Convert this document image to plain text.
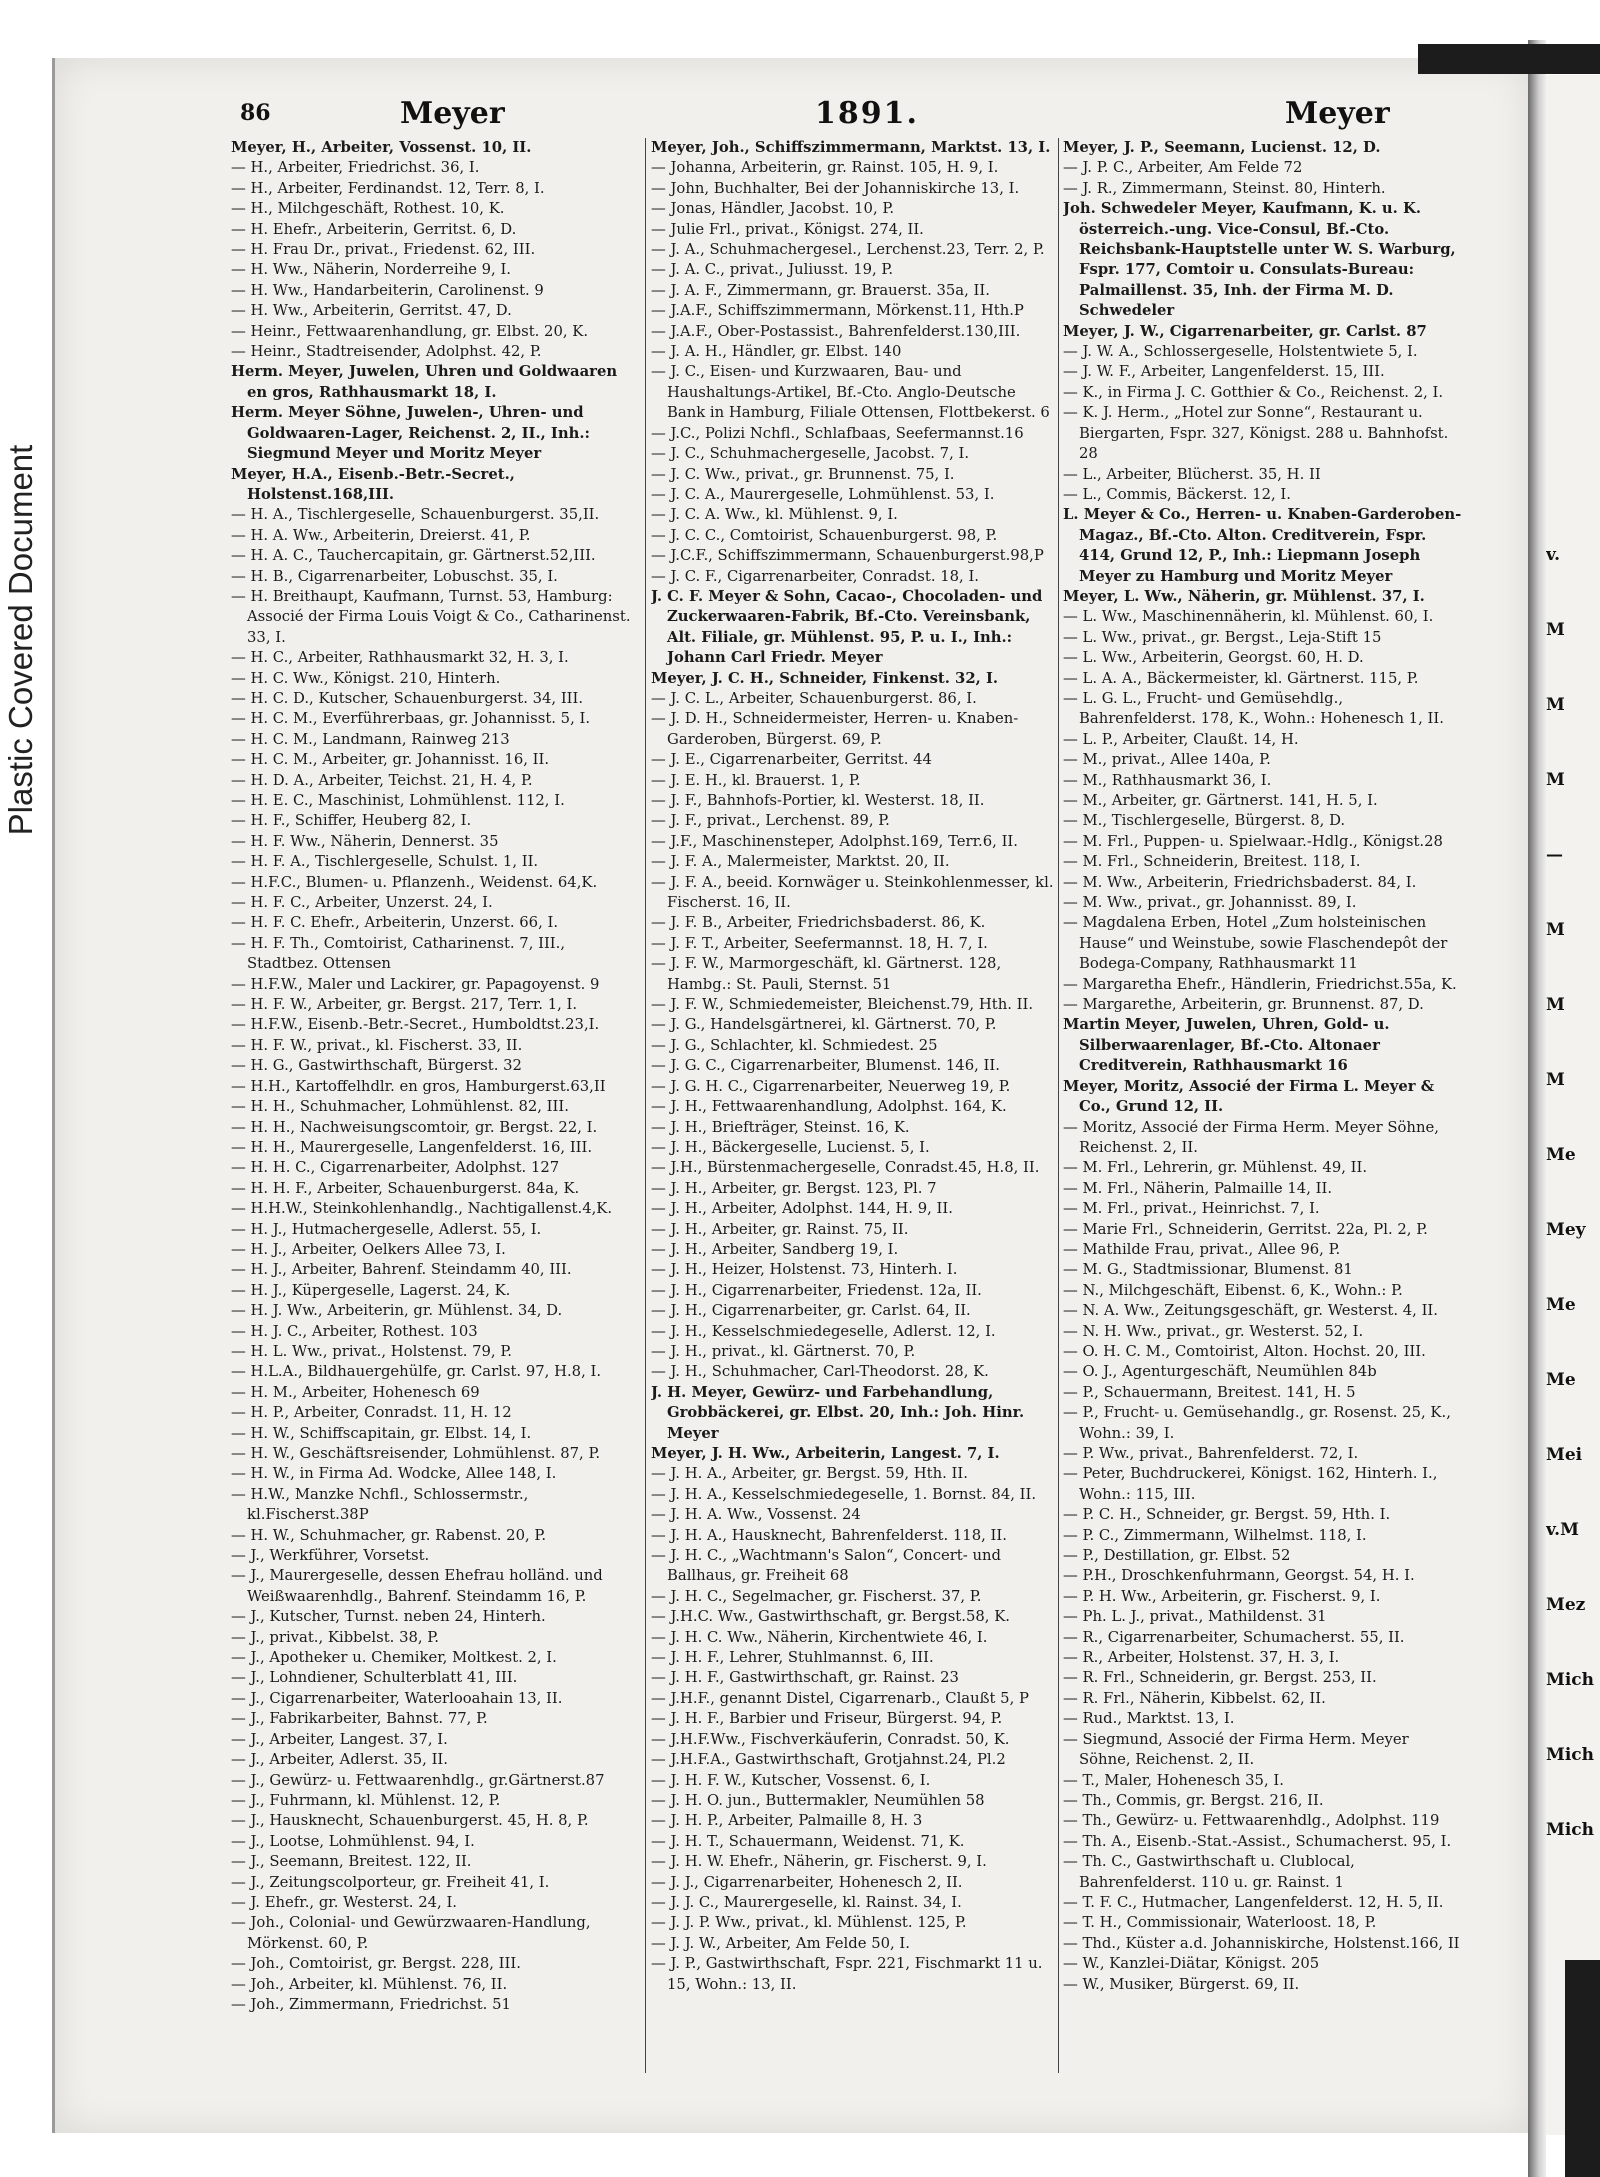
Plastic Covered Document
86	Meyer	1891.	Meyer

Meyer, H., Arbeiter, Vossenst. 10, II.

— H., Arbeiter, Friedrichst. 36, I.

— H., Arbeiter, Ferdinandst. 12, Terr. 8, I.

— H., Milchgeschäft, Rothest. 10, K.

— H. Ehefr., Arbeiterin, Gerritst. 6, D.

— H. Frau Dr., privat., Friedenst. 62, III.

— H. Ww., Näherin, Norderreihe 9, I.

— H. Ww., Handarbeiterin, Carolinenst. 9

— H. Ww., Arbeiterin, Gerritst. 47, D.

— Heinr., Fettwaarenhandlung, gr. Elbst. 20, K.

— Heinr., Stadtreisender, Adolphst. 42, P.

Herm. Meyer, Juwelen, Uhren und Goldwaaren en gros, Rathhausmarkt 18, I.

Herm. Meyer Söhne, Juwelen-, Uhren- und Goldwaaren-Lager, Reichenst. 2, II., Inh.: Siegmund Meyer und Moritz Meyer

Meyer, H.A., Eisenb.-Betr.-Secret., Holstenst.168,III.

— H. A., Tischlergeselle, Schauenburgerst. 35,II.

— H. A. Ww., Arbeiterin, Dreierst. 41, P.

— H. A. C., Tauchercapitain, gr. Gärtnerst.52,III.

— H. B., Cigarrenarbeiter, Lobuschst. 35, I.

— H. Breithaupt, Kaufmann, Turnst. 53, Hamburg: Associé der Firma Louis Voigt & Co., Catharinenst. 33, I.

— H. C., Arbeiter, Rathhausmarkt 32, H. 3, I.

— H. C. Ww., Königst. 210, Hinterh.

— H. C. D., Kutscher, Schauenburgerst. 34, III.

— H. C. M., Everführerbaas, gr. Johannisst. 5, I.

— H. C. M., Landmann, Rainweg 213

— H. C. M., Arbeiter, gr. Johannisst. 16, II.

— H. D. A., Arbeiter, Teichst. 21, H. 4, P.

— H. E. C., Maschinist, Lohmühlenst. 112, I.

— H. F., Schiffer, Heuberg 82, I.

— H. F. Ww., Näherin, Dennerst. 35

— H. F. A., Tischlergeselle, Schulst. 1, II.

— H.F.C., Blumen- u. Pflanzenh., Weidenst. 64,K.

— H. F. C., Arbeiter, Unzerst. 24, I.

— H. F. C. Ehefr., Arbeiterin, Unzerst. 66, I.

— H. F. Th., Comtoirist, Catharinenst. 7, III., Stadtbez. Ottensen

— H.F.W., Maler und Lackirer, gr. Papagoyenst. 9

— H. F. W., Arbeiter, gr. Bergst. 217, Terr. 1, I.

— H.F.W., Eisenb.-Betr.-Secret., Humboldtst.23,I.

— H. F. W., privat., kl. Fischerst. 33, II.

— H. G., Gastwirthschaft, Bürgerst. 32

— H.H., Kartoffelhdlr. en gros, Hamburgerst.63,II

— H. H., Schuhmacher, Lohmühlenst. 82, III.

— H. H., Nachweisungscomtoir, gr. Bergst. 22, I.

— H. H., Maurergeselle, Langenfelderst. 16, III.

— H. H. C., Cigarrenarbeiter, Adolphst. 127

— H. H. F., Arbeiter, Schauenburgerst. 84a, K.

— H.H.W., Steinkohlenhandlg., Nachtigallenst.4,K.

— H. J., Hutmachergeselle, Adlerst. 55, I.

— H. J., Arbeiter, Oelkers Allee 73, I.

— H. J., Arbeiter, Bahrenf. Steindamm 40, III.

— H. J., Küpergeselle, Lagerst. 24, K.

— H. J. Ww., Arbeiterin, gr. Mühlenst. 34, D.

— H. J. C., Arbeiter, Rothest. 103

— H. L. Ww., privat., Holstenst. 79, P.

— H.L.A., Bildhauergehülfe, gr. Carlst. 97, H.8, I.

— H. M., Arbeiter, Hohenesch 69

— H. P., Arbeiter, Conradst. 11, H. 12

— H. W., Schiffscapitain, gr. Elbst. 14, I.

— H. W., Geschäftsreisender, Lohmühlenst. 87, P.

— H. W., in Firma Ad. Wodcke, Allee 148, I.

— H.W., Manzke Nchfl., Schlossermstr., kl.Fischerst.38P

— H. W., Schuhmacher, gr. Rabenst. 20, P.

— J., Werkführer, Vorsetst.

— J., Maurergeselle, dessen Ehefrau holländ. und Weißwaarenhdlg., Bahrenf. Steindamm 16, P.

— J., Kutscher, Turnst. neben 24, Hinterh.

— J., privat., Kibbelst. 38, P.

— J., Apotheker u. Chemiker, Moltkest. 2, I.

— J., Lohndiener, Schulterblatt 41, III.

— J., Cigarrenarbeiter, Waterlooahain 13, II.

— J., Fabrikarbeiter, Bahnst. 77, P.

— J., Arbeiter, Langest. 37, I.

— J., Arbeiter, Adlerst. 35, II.

— J., Gewürz- u. Fettwaarenhdlg., gr.Gärtnerst.87

— J., Fuhrmann, kl. Mühlenst. 12, P.

— J., Hausknecht, Schauenburgerst. 45, H. 8, P.

— J., Lootse, Lohmühlenst. 94, I.

— J., Seemann, Breitest. 122, II.

— J., Zeitungscolporteur, gr. Freiheit 41, I.

— J. Ehefr., gr. Westerst. 24, I.

— Joh., Colonial- und Gewürzwaaren-Handlung, Mörkenst. 60, P.

— Joh., Comtoirist, gr. Bergst. 228, III.

— Joh., Arbeiter, kl. Mühlenst. 76, II.

— Joh., Zimmermann, Friedrichst. 51

Meyer, Joh., Schiffszimmermann, Marktst. 13, I.

— Johanna, Arbeiterin, gr. Rainst. 105, H. 9, I.

— John, Buchhalter, Bei der Johanniskirche 13, I.

— Jonas, Händler, Jacobst. 10, P.

— Julie Frl., privat., Königst. 274, II.

— J. A., Schuhmachergesel., Lerchenst.23, Terr. 2, P.

— J. A. C., privat., Juliusst. 19, P.

— J. A. F., Zimmermann, gr. Brauerst. 35a, II.

— J.A.F., Schiffszimmermann, Mörkenst.11, Hth.P

— J.A.F., Ober-Postassist., Bahrenfelderst.130,III.

— J. A. H., Händler, gr. Elbst. 140

— J. C., Eisen- und Kurzwaaren, Bau- und Haushaltungs-Artikel, Bf.-Cto. Anglo-Deutsche Bank in Hamburg, Filiale Ottensen, Flottbekerst. 6

— J.C., Polizi Nchfl., Schlafbaas, Seefermannst.16

— J. C., Schuhmachergeselle, Jacobst. 7, I.

— J. C. Ww., privat., gr. Brunnenst. 75, I.

— J. C. A., Maurergeselle, Lohmühlenst. 53, I.

— J. C. A. Ww., kl. Mühlenst. 9, I.

— J. C. C., Comtoirist, Schauenburgerst. 98, P.

— J.C.F., Schiffszimmermann, Schauenburgerst.98,P

— J. C. F., Cigarrenarbeiter, Conradst. 18, I.

J. C. F. Meyer & Sohn, Cacao-, Chocoladen- und Zuckerwaaren-Fabrik, Bf.-Cto. Vereinsbank, Alt. Filiale, gr. Mühlenst. 95, P. u. I., Inh.: Johann Carl Friedr. Meyer

Meyer, J. C. H., Schneider, Finkenst. 32, I.

— J. C. L., Arbeiter, Schauenburgerst. 86, I.

— J. D. H., Schneidermeister, Herren- u. Knaben-Garderoben, Bürgerst. 69, P.

— J. E., Cigarrenarbeiter, Gerritst. 44

— J. E. H., kl. Brauerst. 1, P.

— J. F., Bahnhofs-Portier, kl. Westerst. 18, II.

— J. F., privat., Lerchenst. 89, P.

— J.F., Maschinensteper, Adolphst.169, Terr.6, II.

— J. F. A., Malermeister, Marktst. 20, II.

— J. F. A., beeid. Kornwäger u. Steinkohlenmesser, kl. Fischerst. 16, II.

— J. F. B., Arbeiter, Friedrichsbaderst. 86, K.

— J. F. T., Arbeiter, Seefermannst. 18, H. 7, I.

— J. F. W., Marmorgeschäft, kl. Gärtnerst. 128, Hambg.: St. Pauli, Sternst. 51

— J. F. W., Schmiedemeister, Bleichenst.79, Hth. II.

— J. G., Handelsgärtnerei, kl. Gärtnerst. 70, P.

— J. G., Schlachter, kl. Schmiedest. 25

— J. G. C., Cigarrenarbeiter, Blumenst. 146, II.

— J. G. H. C., Cigarrenarbeiter, Neuerweg 19, P.

— J. H., Fettwaarenhandlung, Adolphst. 164, K.

— J. H., Briefträger, Steinst. 16, K.

— J. H., Bäckergeselle, Lucienst. 5, I.

— J.H., Bürstenmachergeselle, Conradst.45, H.8, II.

— J. H., Arbeiter, gr. Bergst. 123, Pl. 7

— J. H., Arbeiter, Adolphst. 144, H. 9, II.

— J. H., Arbeiter, gr. Rainst. 75, II.

— J. H., Arbeiter, Sandberg 19, I.

— J. H., Heizer, Holstenst. 73, Hinterh. I.

— J. H., Cigarrenarbeiter, Friedenst. 12a, II.

— J. H., Cigarrenarbeiter, gr. Carlst. 64, II.

— J. H., Kesselschmiedegeselle, Adlerst. 12, I.

— J. H., privat., kl. Gärtnerst. 70, P.

— J. H., Schuhmacher, Carl-Theodorst. 28, K.

J. H. Meyer, Gewürz- und Farbehandlung, Grobbäckerei, gr. Elbst. 20, Inh.: Joh. Hinr. Meyer

Meyer, J. H. Ww., Arbeiterin, Langest. 7, I.

— J. H. A., Arbeiter, gr. Bergst. 59, Hth. II.

— J. H. A., Kesselschmiedegeselle, 1. Bornst. 84, II.

— J. H. A. Ww., Vossenst. 24

— J. H. A., Hausknecht, Bahrenfelderst. 118, II.

— J. H. C., „Wachtmann's Salon“, Concert- und Ballhaus, gr. Freiheit 68

— J. H. C., Segelmacher, gr. Fischerst. 37, P.

— J.H.C. Ww., Gastwirthschaft, gr. Bergst.58, K.

— J. H. C. Ww., Näherin, Kirchentwiete 46, I.

— J. H. F., Lehrer, Stuhlmannst. 6, III.

— J. H. F., Gastwirthschaft, gr. Rainst. 23

— J.H.F., genannt Distel, Cigarrenarb., Claußt 5, P

— J. H. F., Barbier und Friseur, Bürgerst. 94, P.

— J.H.F.Ww., Fischverkäuferin, Conradst. 50, K.

— J.H.F.A., Gastwirthschaft, Grotjahnst.24, Pl.2

— J. H. F. W., Kutscher, Vossenst. 6, I.

— J. H. O. jun., Buttermakler, Neumühlen 58

— J. H. P., Arbeiter, Palmaille 8, H. 3

— J. H. T., Schauermann, Weidenst. 71, K.

— J. H. W. Ehefr., Näherin, gr. Fischerst. 9, I.

— J. J., Cigarrenarbeiter, Hohenesch 2, II.

— J. J. C., Maurergeselle, kl. Rainst. 34, I.

— J. J. P. Ww., privat., kl. Mühlenst. 125, P.

— J. J. W., Arbeiter, Am Felde 50, I.

— J. P., Gastwirthschaft, Fspr. 221, Fischmarkt 11 u. 15, Wohn.: 13, II.

Meyer, J. P., Seemann, Lucienst. 12, D.

— J. P. C., Arbeiter, Am Felde 72

— J. R., Zimmermann, Steinst. 80, Hinterh.

Joh. Schwedeler Meyer, Kaufmann, K. u. K. österreich.-ung. Vice-Consul, Bf.-Cto. Reichsbank-Hauptstelle unter W. S. Warburg, Fspr. 177, Comtoir u. Consulats-Bureau: Palmaillenst. 35, Inh. der Firma M. D. Schwedeler

Meyer, J. W., Cigarrenarbeiter, gr. Carlst. 87

— J. W. A., Schlossergeselle, Holstentwiete 5, I.

— J. W. F., Arbeiter, Langenfelderst. 15, III.

— K., in Firma J. C. Gotthier & Co., Reichenst. 2, I.

— K. J. Herm., „Hotel zur Sonne“, Restaurant u. Biergarten, Fspr. 327, Königst. 288 u. Bahnhofst. 28

— L., Arbeiter, Blücherst. 35, H. II

— L., Commis, Bäckerst. 12, I.

L. Meyer & Co., Herren- u. Knaben-Garderoben-Magaz., Bf.-Cto. Alton. Creditverein, Fspr. 414, Grund 12, P., Inh.: Liepmann Joseph Meyer zu Hamburg und Moritz Meyer

Meyer, L. Ww., Näherin, gr. Mühlenst. 37, I.

— L. Ww., Maschinennäherin, kl. Mühlenst. 60, I.

— L. Ww., privat., gr. Bergst., Leja-Stift 15

— L. Ww., Arbeiterin, Georgst. 60, H. D.

— L. A. A., Bäckermeister, kl. Gärtnerst. 115, P.

— L. G. L., Frucht- und Gemüsehdlg., Bahrenfelderst. 178, K., Wohn.: Hohenesch 1, II.

— L. P., Arbeiter, Claußt. 14, H.

— M., privat., Allee 140a, P.

— M., Rathhausmarkt 36, I.

— M., Arbeiter, gr. Gärtnerst. 141, H. 5, I.

— M., Tischlergeselle, Bürgerst. 8, D.

— M. Frl., Puppen- u. Spielwaar.-Hdlg., Königst.28

— M. Frl., Schneiderin, Breitest. 118, I.

— M. Ww., Arbeiterin, Friedrichsbaderst. 84, I.

— M. Ww., privat., gr. Johannisst. 89, I.

— Magdalena Erben, Hotel „Zum holsteinischen Hause“ und Weinstube, sowie Flaschendepôt der Bodega-Company, Rathhausmarkt 11

— Margaretha Ehefr., Händlerin, Friedrichst.55a, K.

— Margarethe, Arbeiterin, gr. Brunnenst. 87, D.

Martin Meyer, Juwelen, Uhren, Gold- u. Silberwaarenlager, Bf.-Cto. Altonaer Creditverein, Rathhausmarkt 16

Meyer, Moritz, Associé der Firma L. Meyer & Co., Grund 12, II.

— Moritz, Associé der Firma Herm. Meyer Söhne, Reichenst. 2, II.

— M. Frl., Lehrerin, gr. Mühlenst. 49, II.

— M. Frl., Näherin, Palmaille 14, II.

— M. Frl., privat., Heinrichst. 7, I.

— Marie Frl., Schneiderin, Gerritst. 22a, Pl. 2, P.

— Mathilde Frau, privat., Allee 96, P.

— M. G., Stadtmissionar, Blumenst. 81

— N., Milchgeschäft, Eibenst. 6, K., Wohn.: P.

— N. A. Ww., Zeitungsgeschäft, gr. Westerst. 4, II.

— N. H. Ww., privat., gr. Westerst. 52, I.

— O. H. C. M., Comtoirist, Alton. Hochst. 20, III.

— O. J., Agenturgeschäft, Neumühlen 84b

— P., Schauermann, Breitest. 141, H. 5

— P., Frucht- u. Gemüsehandlg., gr. Rosenst. 25, K., Wohn.: 39, I.

— P. Ww., privat., Bahrenfelderst. 72, I.

— Peter, Buchdruckerei, Königst. 162, Hinterh. I., Wohn.: 115, III.

— P. C. H., Schneider, gr. Bergst. 59, Hth. I.

— P. C., Zimmermann, Wilhelmst. 118, I.

— P., Destillation, gr. Elbst. 52

— P.H., Droschkenfuhrmann, Georgst. 54, H. I.

— P. H. Ww., Arbeiterin, gr. Fischerst. 9, I.

— Ph. L. J., privat., Mathildenst. 31

— R., Cigarrenarbeiter, Schumacherst. 55, II.

— R., Arbeiter, Holstenst. 37, H. 3, I.

— R. Frl., Schneiderin, gr. Bergst. 253, II.

— R. Frl., Näherin, Kibbelst. 62, II.

— Rud., Marktst. 13, I.

— Siegmund, Associé der Firma Herm. Meyer Söhne, Reichenst. 2, II.

— T., Maler, Hohenesch 35, I.

— Th., Commis, gr. Bergst. 216, II.

— Th., Gewürz- u. Fettwaarenhdlg., Adolphst. 119

— Th. A., Eisenb.-Stat.-Assist., Schumacherst. 95, I.

— Th. C., Gastwirthschaft u. Clublocal, Bahrenfelderst. 110 u. gr. Rainst. 1

— T. F. C., Hutmacher, Langenfelderst. 12, H. 5, II.

— T. H., Commissionair, Waterloost. 18, P.

— Thd., Küster a.d. Johanniskirche, Holstenst.166, II

— W., Kanzlei-Diätar, Königst. 205

— W., Musiker, Bürgerst. 69, II.

v.
M
M
M
—
M
M
M
Me
Mey
Me
Me
Mei
v.M
Mez
Mich
Mich
Mich
